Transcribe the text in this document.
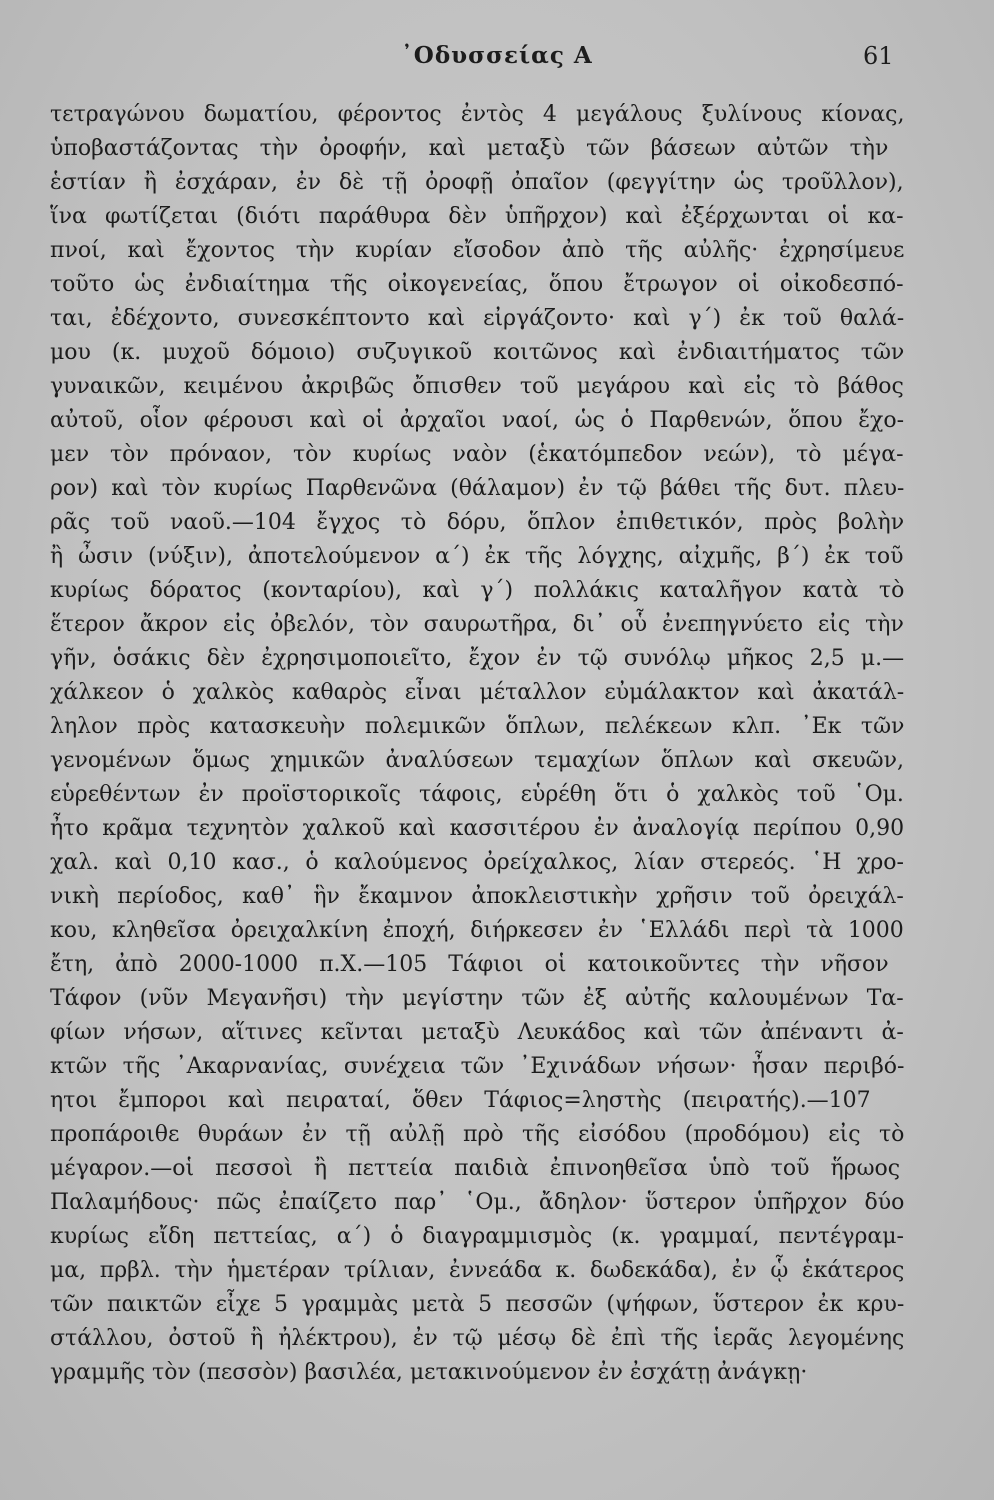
᾿Οδυσσείας Α	61
τετραγώνου δωματίου, φέροντος ἐντὸς 4 μεγάλους ξυλίνους κίονας,
ὑποβαστάζοντας τὴν ὀροφήν, καὶ μεταξὺ τῶν βάσεων αὐτῶν τὴν
ἑστίαν ἢ ἐσχάραν, ἐν δὲ τῇ ὀροφῇ ὀπαῖον (φεγγίτην ὡς τροῦλλον),
ἵνα φωτίζεται (διότι παράθυρα δὲν ὑπῆρχον) καὶ ἐξέρχωνται οἱ κα-
πνοί, καὶ ἔχοντος τὴν κυρίαν εἴσοδον ἀπὸ τῆς αὐλῆς· ἐχρησίμευε
τοῦτο ὡς ἐνδιαίτημα τῆς οἰκογενείας, ὅπου ἔτρωγον οἱ οἰκοδεσπό-
ται, ἐδέχοντο, συνεσκέπτοντο καὶ εἰργάζοντο· καὶ γ΄) ἐκ τοῦ θαλά-
μου (κ. μυχοῦ δόμοιο) συζυγικοῦ κοιτῶνος καὶ ἐνδιαιτήματος τῶν
γυναικῶν, κειμένου ἀκριβῶς ὄπισθεν τοῦ μεγάρου καὶ εἰς τὸ βάθος
αὐτοῦ, οἷον φέρουσι καὶ οἱ ἀρχαῖοι ναοί, ὡς ὁ Παρθενών, ὅπου ἔχο-
μεν τὸν πρόναον, τὸν κυρίως ναὸν (ἑκατόμπεδον νεών), τὸ μέγα-
ρον) καὶ τὸν κυρίως Παρθενῶνα (θάλαμον) ἐν τῷ βάθει τῆς δυτ. πλευ-
ρᾶς τοῦ ναοῦ.—104 ἔγχος τὸ δόρυ, ὅπλον ἐπιθετικόν, πρὸς βολὴν
ἢ ὦσιν (νύξιν), ἀποτελούμενον α΄) ἐκ τῆς λόγχης, αἰχμῆς, β΄) ἐκ τοῦ
κυρίως δόρατος (κονταρίου), καὶ γ΄) πολλάκις καταλῆγον κατὰ τὸ
ἕτερον ἄκρον εἰς ὀβελόν, τὸν σαυρωτῆρα, δι᾿ οὗ ἐνεπηγνύετο εἰς τὴν
γῆν, ὁσάκις δὲν ἐχρησιμοποιεῖτο, ἔχον ἐν τῷ συνόλῳ μῆκος 2,5 μ.—
χάλκεον ὁ χαλκὸς καθαρὸς εἶναι μέταλλον εὐμάλακτον καὶ ἀκατάλ-
ληλον πρὸς κατασκευὴν πολεμικῶν ὅπλων, πελέκεων κλπ. ᾿Εκ τῶν
γενομένων ὅμως χημικῶν ἀναλύσεων τεμαχίων ὅπλων καὶ σκευῶν,
εὑρεθέντων ἐν προϊστορικοῖς τάφοις, εὑρέθη ὅτι ὁ χαλκὸς τοῦ ῾Ομ.
ἦτο κρᾶμα τεχνητὸν χαλκοῦ καὶ κασσιτέρου ἐν ἀναλογίᾳ περίπου 0,90
χαλ. καὶ 0,10 κασ., ὁ καλούμενος ὀρείχαλκος, λίαν στερεός. ῾Η χρο-
νικὴ περίοδος, καθ᾿ ἣν ἔκαμνον ἀποκλειστικὴν χρῆσιν τοῦ ὀρειχάλ-
κου, κληθεῖσα ὀρειχαλκίνη ἐποχή, διήρκεσεν ἐν ῾Ελλάδι περὶ τὰ 1000
ἔτη, ἀπὸ 2000-1000 π.Χ.—105 Τάφιοι οἱ κατοικοῦντες τὴν νῆσον
Τάφον (νῦν Μεγανῆσι) τὴν μεγίστην τῶν ἐξ αὐτῆς καλουμένων Τα-
φίων νήσων, αἵτινες κεῖνται μεταξὺ Λευκάδος καὶ τῶν ἀπέναντι ἀ-
κτῶν τῆς ᾿Ακαρνανίας, συνέχεια τῶν ᾿Εχινάδων νήσων· ἦσαν περιβό-
ητοι ἔμποροι καὶ πειραταί, ὅθεν Τάφιος=ληστὴς (πειρατής).—107
προπάροιθε θυράων ἐν τῇ αὐλῇ πρὸ τῆς εἰσόδου (προδόμου) εἰς τὸ
μέγαρον.—οἱ πεσσοὶ ἢ πεττεία παιδιὰ ἐπινοηθεῖσα ὑπὸ τοῦ ἥρωος
Παλαμήδους· πῶς ἐπαίζετο παρ᾿ ῾Ομ., ἄδηλον· ὕστερον ὑπῆρχον δύο
κυρίως εἴδη πεττείας, α΄) ὁ διαγραμμισμὸς (κ. γραμμαί, πεντέγραμ-
μα, πρβλ. τὴν ἡμετέραν τρίλιαν, ἐννεάδα κ. δωδεκάδα), ἐν ᾧ ἑκάτερος
τῶν παικτῶν εἶχε 5 γραμμὰς μετὰ 5 πεσσῶν (ψήφων, ὕστερον ἐκ κρυ-
στάλλου, ὀστοῦ ἢ ἠλέκτρου), ἐν τῷ μέσῳ δὲ ἐπὶ τῆς ἱερᾶς λεγομένης
γραμμῆς τὸν (πεσσὸν) βασιλέα, μετακινούμενον ἐν ἐσχάτῃ ἀνάγκῃ·
